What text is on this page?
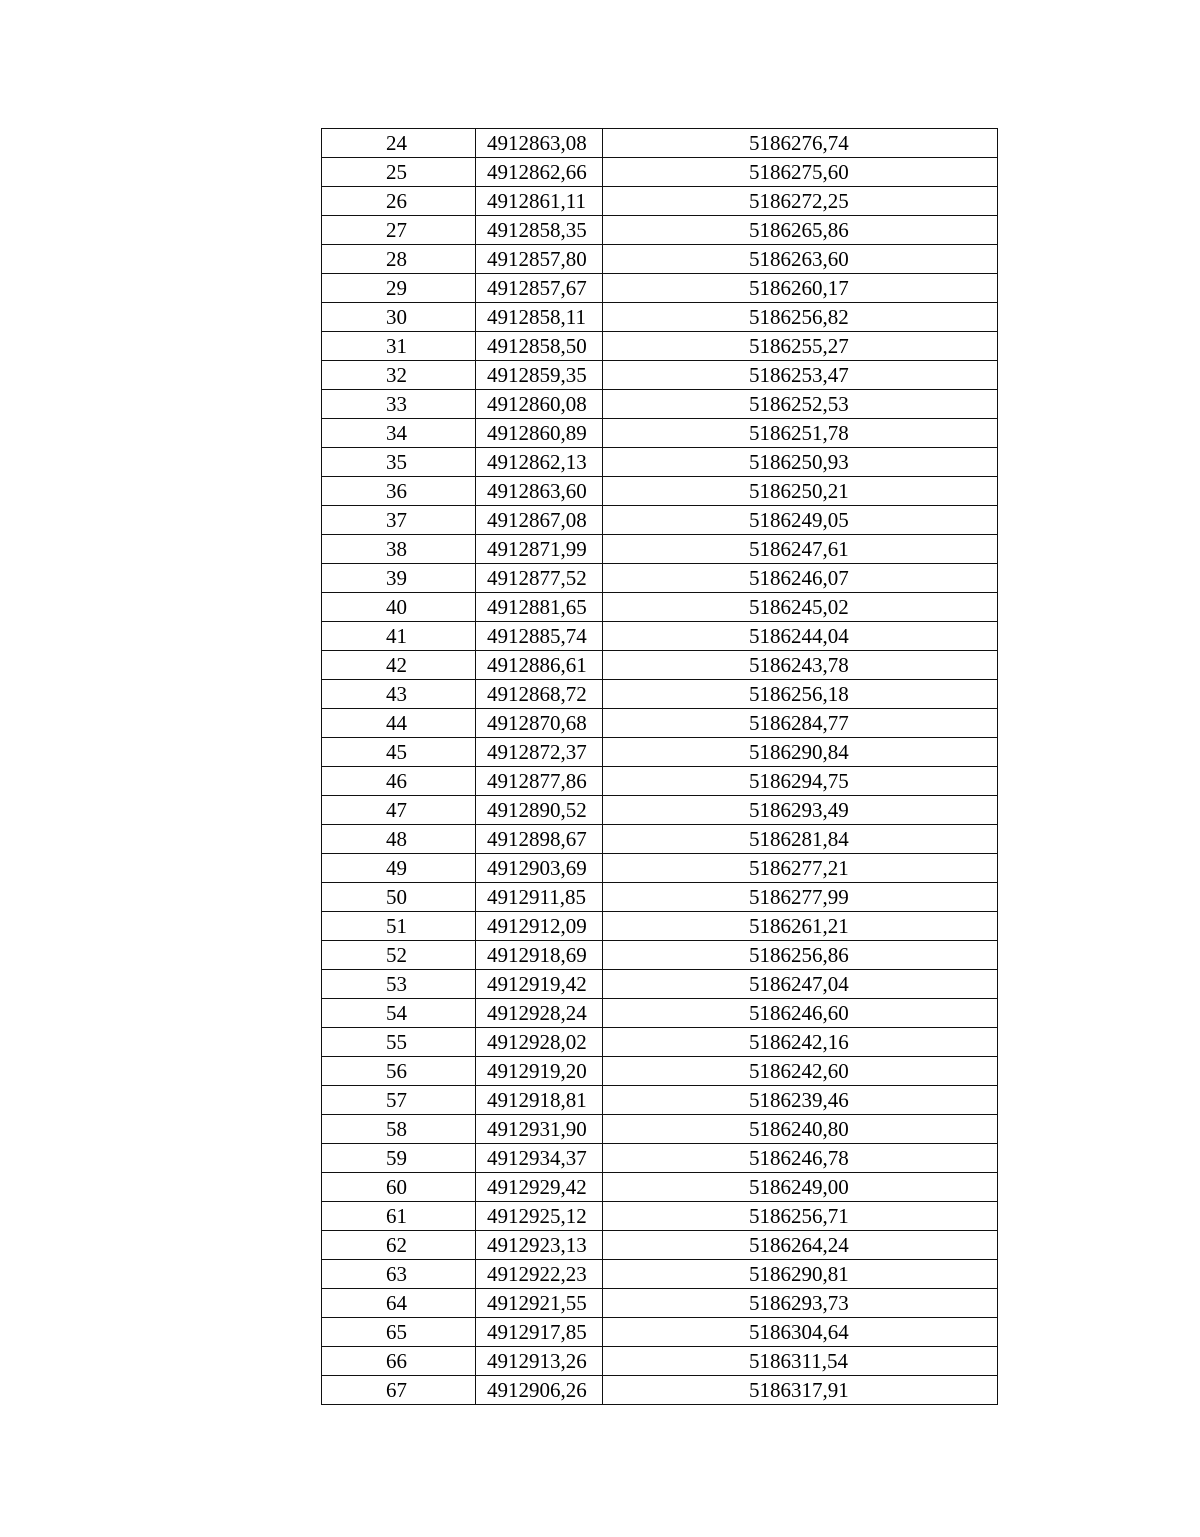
24	4912863,08	5186276,74
25	4912862,66	5186275,60
26	4912861,11	5186272,25
27	4912858,35	5186265,86
28	4912857,80	5186263,60
29	4912857,67	5186260,17
30	4912858,11	5186256,82
31	4912858,50	5186255,27
32	4912859,35	5186253,47
33	4912860,08	5186252,53
34	4912860,89	5186251,78
35	4912862,13	5186250,93
36	4912863,60	5186250,21
37	4912867,08	5186249,05
38	4912871,99	5186247,61
39	4912877,52	5186246,07
40	4912881,65	5186245,02
41	4912885,74	5186244,04
42	4912886,61	5186243,78
43	4912868,72	5186256,18
44	4912870,68	5186284,77
45	4912872,37	5186290,84
46	4912877,86	5186294,75
47	4912890,52	5186293,49
48	4912898,67	5186281,84
49	4912903,69	5186277,21
50	4912911,85	5186277,99
51	4912912,09	5186261,21
52	4912918,69	5186256,86
53	4912919,42	5186247,04
54	4912928,24	5186246,60
55	4912928,02	5186242,16
56	4912919,20	5186242,60
57	4912918,81	5186239,46
58	4912931,90	5186240,80
59	4912934,37	5186246,78
60	4912929,42	5186249,00
61	4912925,12	5186256,71
62	4912923,13	5186264,24
63	4912922,23	5186290,81
64	4912921,55	5186293,73
65	4912917,85	5186304,64
66	4912913,26	5186311,54
67	4912906,26	5186317,91
